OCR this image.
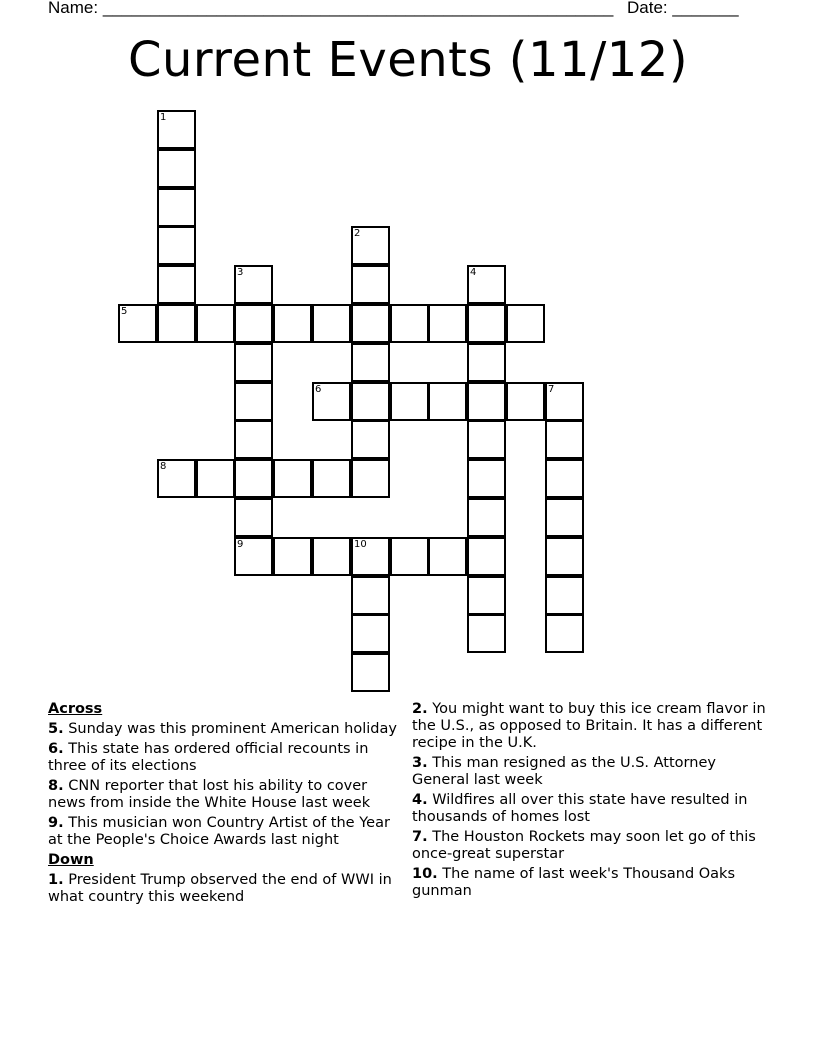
Name: ______________________________________________________ Date: _______
Current Events (11/12)
1
2
3
9
4
5
6	7
8
10
Across
5. Sunday was this prominent American holiday
6. This state has ordered official recounts in three of its elections
8. CNN reporter that lost his ability to cover news from inside the White House last week
9. This musician won Country Artist of the Year at the People's Choice Awards last night
Down
1. President Trump observed the end of WWI in what country this weekend
2. You might want to buy this ice cream flavor in the U.S., as opposed to Britain. It has a different recipe in the U.K.
3. This man resigned as the U.S. Attorney General last week
4. Wildfires all over this state have resulted in thousands of homes lost
7. The Houston Rockets may soon let go of this once-great superstar
10. The name of last week's Thousand Oaks gunman
